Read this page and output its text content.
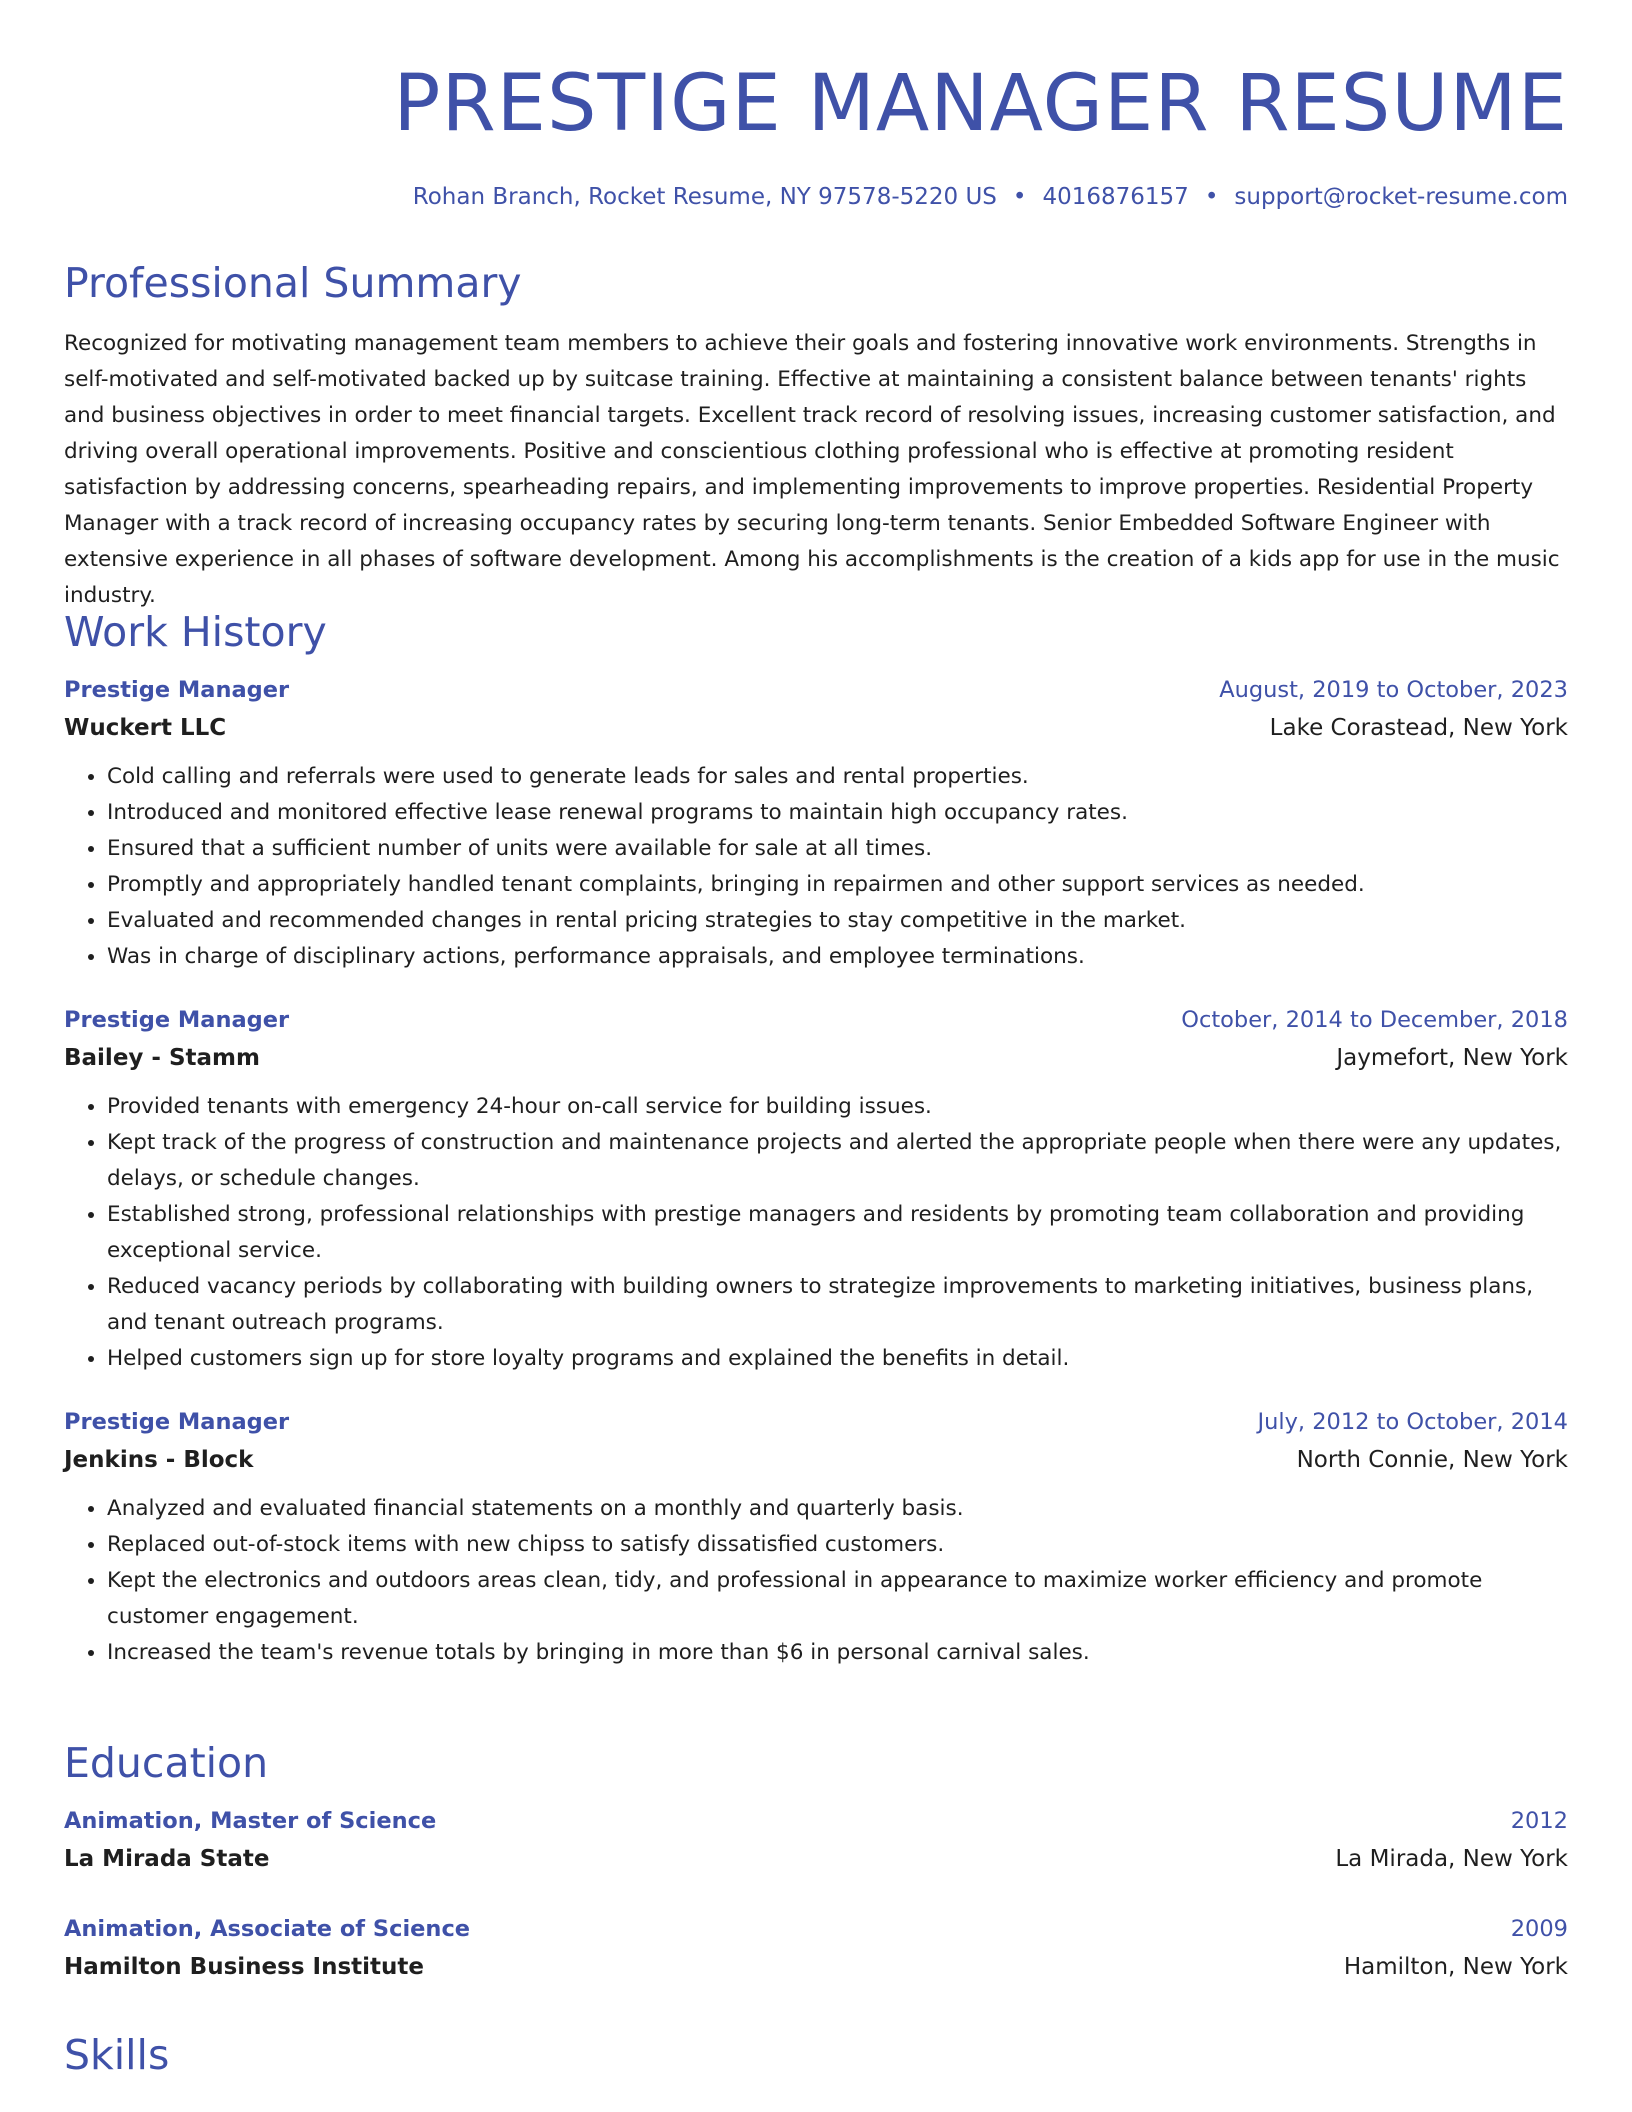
PRESTIGE MANAGER RESUME
Rohan Branch, Rocket Resume, NY 97578-5220 US • 4016876157 • support@rocket-resume.com
Professional Summary

Recognized for motivating management team members to achieve their goals and fostering innovative work environments. Strengths in self-motivated and self-motivated backed up by suitcase training. Effective at maintaining a consistent balance between tenants' rights and business objectives in order to meet financial targets. Excellent track record of resolving issues, increasing customer satisfaction, and driving overall operational improvements. Positive and conscientious clothing professional who is effective at promoting resident satisfaction by addressing concerns, spearheading repairs, and implementing improvements to improve properties. Residential Property Manager with a track record of increasing occupancy rates by securing long-term tenants. Senior Embedded Software Engineer with extensive experience in all phases of software development. Among his accomplishments is the creation of a kids app for use in the music industry.

Work History
Prestige Manager	August, 2019 to October, 2023
Wuckert LLC	Lake Corastead, New York
• Cold calling and referrals were used to generate leads for sales and rental properties.
• Introduced and monitored effective lease renewal programs to maintain high occupancy rates.
• Ensured that a sufficient number of units were available for sale at all times.
• Promptly and appropriately handled tenant complaints, bringing in repairmen and other support services as needed.
• Evaluated and recommended changes in rental pricing strategies to stay competitive in the market.
• Was in charge of disciplinary actions, performance appraisals, and employee terminations.
Prestige Manager	October, 2014 to December, 2018
Bailey - Stamm	Jaymefort, New York
• Provided tenants with emergency 24-hour on-call service for building issues.
• Kept track of the progress of construction and maintenance projects and alerted the appropriate people when there were any updates, delays, or schedule changes.
• Established strong, professional relationships with prestige managers and residents by promoting team collaboration and providing exceptional service.
• Reduced vacancy periods by collaborating with building owners to strategize improvements to marketing initiatives, business plans, and tenant outreach programs.
• Helped customers sign up for store loyalty programs and explained the benefits in detail.
Prestige Manager	July, 2012 to October, 2014
Jenkins - Block	North Connie, New York
• Analyzed and evaluated financial statements on a monthly and quarterly basis.
• Replaced out-of-stock items with new chipss to satisfy dissatisfied customers.
• Kept the electronics and outdoors areas clean, tidy, and professional in appearance to maximize worker efficiency and promote customer engagement.
• Increased the team's revenue totals by bringing in more than $6 in personal carnival sales.
Education
Animation, Master of Science	2012
La Mirada State	La Mirada, New York
Animation, Associate of Science	2009
Hamilton Business Institute	Hamilton, New York
Skills
